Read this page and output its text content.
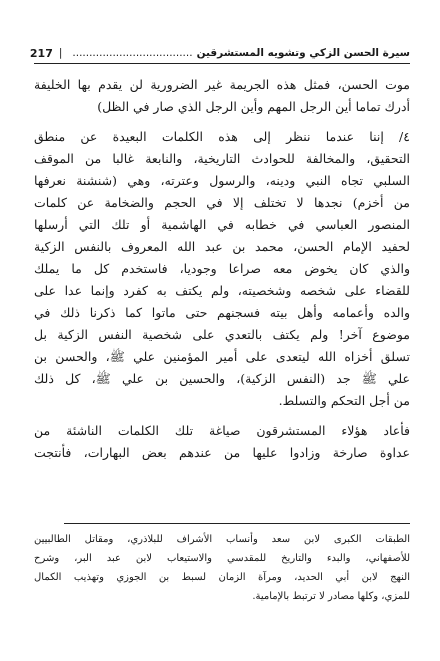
سيرة الحسن الزكي وتشويه المستشرقين
....................................
|
217
موت الحسن، فمثل هذه الجريمة غير الضرورية لن يقدم بها الخليفة
أدرك تماما أين الرجل المهم وأين الرجل الذي صار في الظل)
٤/ إننا عندما ننظر إلى هذه الكلمات البعيدة عن منطق
التحقيق، والمخالفة للحوادث التاريخية، والنابعة غالبا من الموقف
السلبي تجاه النبي ودينه، والرسول وعترته، وهي (شنشنة نعرفها
من أخزم) نجدها لا تختلف إلا في الحجم والضخامة عن كلمات
المنصور العباسي في خطابه في الهاشمية أو تلك التي أرسلها
لحفيد الإمام الحسن، محمد بن عبد الله المعروف بالنفس الزكية
والذي كان يخوض معه صراعا وجوديا، فاستخدم كل ما يملك
للقضاء على شخصه وشخصيته، ولم يكتف به كفرد وإنما عدا على
والده وأعمامه وأهل بيته فسجنهم حتى ماتوا كما ذكرنا ذلك في
موضوع آخر! ولم يكتف بالتعدي على شخصية النفس الزكية بل
تسلق أخزاه الله ليتعدى على أمير المؤمنين علي ﷺ، والحسن بن
علي ﷺ جد (النفس الزكية)، والحسين بن علي ﷺ، كل ذلك
من أجل التحكم والتسلط.
فأعاد هؤلاء المستشرقون صياغة تلك الكلمات الناشئة من
عداوة صارخة وزادوا عليها من عندهم بعض البهارات، فأنتجت
الطبقات الكبرى لابن سعد وأنساب الأشراف للبلاذري، ومقاتل الطالبيين
للأصفهاني، والبدء والتاريخ للمقدسي والاستيعاب لابن عبد البر، وشرح
النهج لابن أبي الحديد، ومرآة الزمان لسبط بن الجوزي وتهذيب الكمال
للمزي، وكلها مصادر لا ترتبط بالإمامية.
